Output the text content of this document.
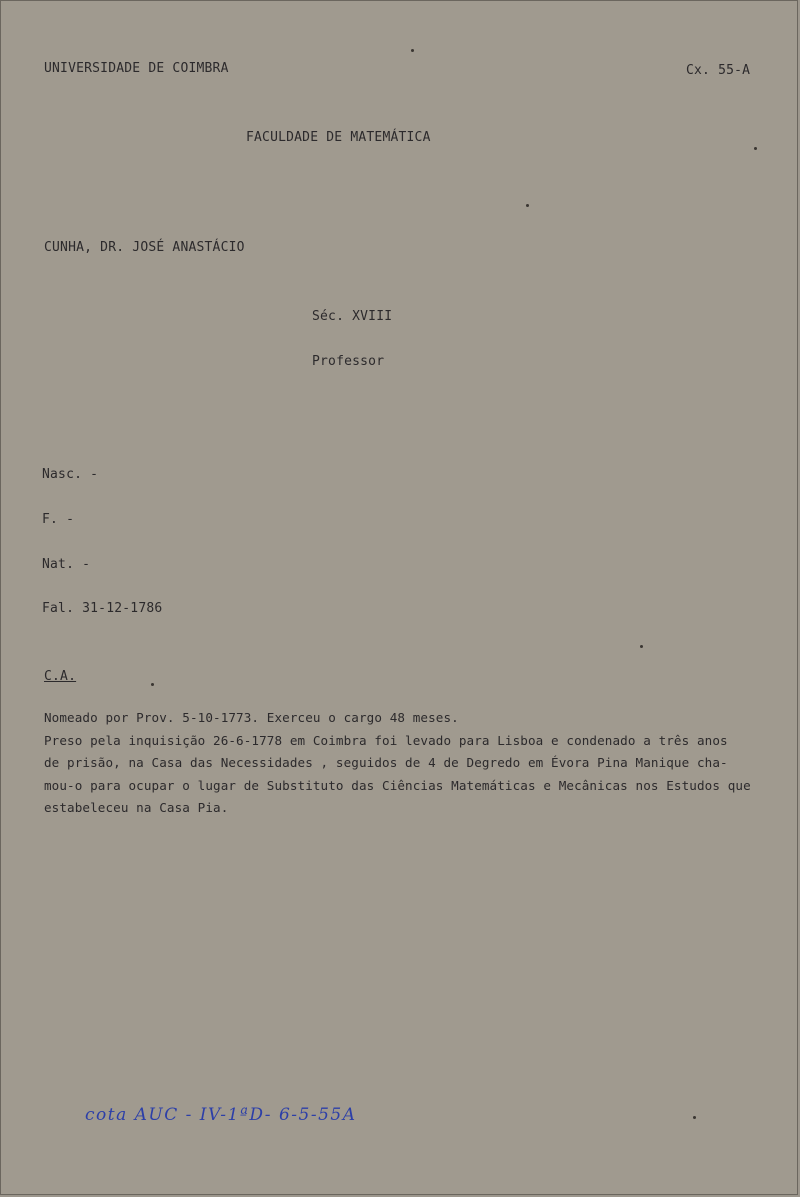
UNIVERSIDADE DE COIMBRA	Cx. 55-A
FACULDADE DE MATEMÁTICA
CUNHA, DR. JOSÉ ANASTÁCIO
Séc. XVIII
Professor
Nasc. -
F. -
Nat. -
Fal. 31-12-1786
C.A.
Nomeado por Prov. 5-10-1773. Exerceu o cargo 48 meses.
Preso pela inquisição 26-6-1778 em Coimbra foi levado para Lisboa e condenado a três anos
de prisão, na Casa das Necessidades , seguidos de 4 de Degredo em Évora Pina Manique cha-
mou-o para ocupar o lugar de Substituto das Ciências Matemáticas e Mecânicas nos Estudos que
estabeleceu na Casa Pia.
cota AUC - IV-1ªD- 6-5-55A
